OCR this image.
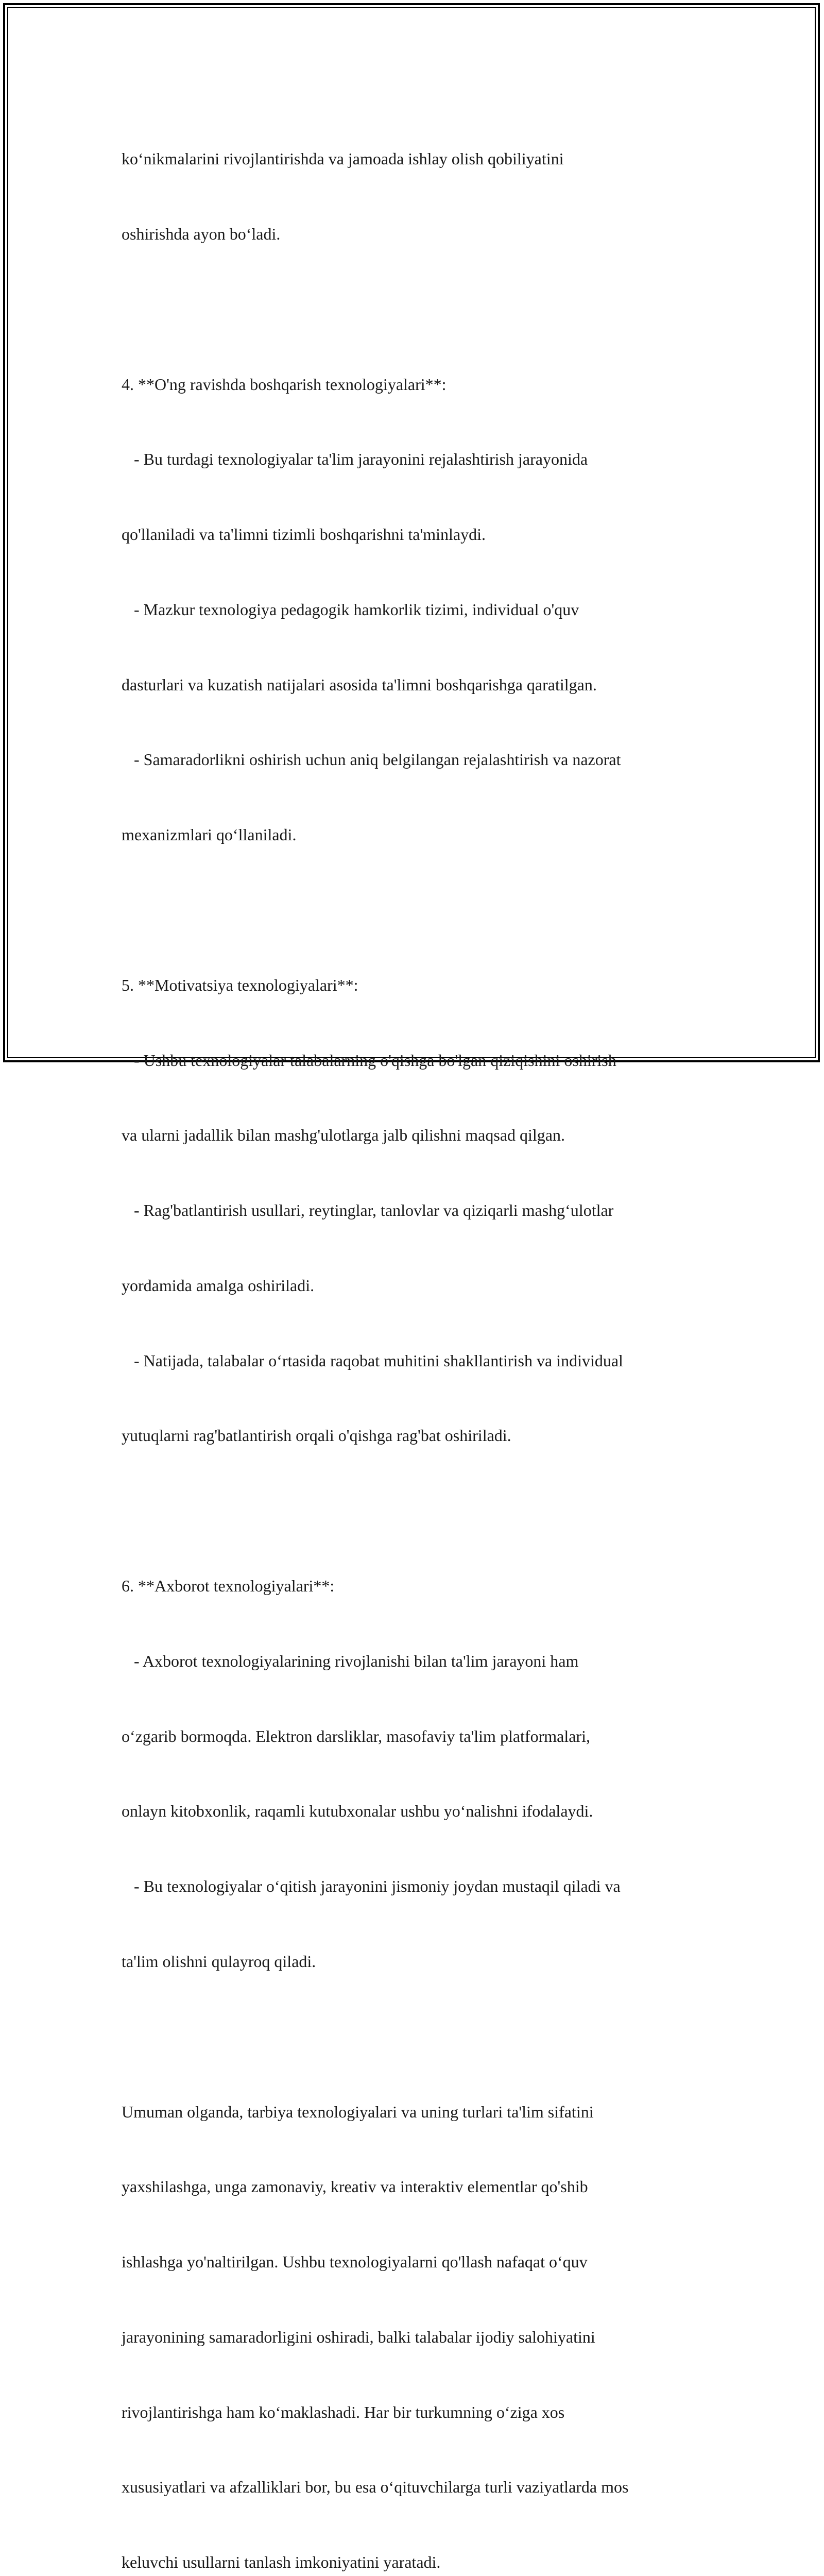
ko‘nikmalarini rivojlantirishda va jamoada ishlay olish qobiliyatini

oshirishda ayon bo‘ladi.

4. **O'ng ravishda boshqarish texnologiyalari**:

- Bu turdagi texnologiyalar ta'lim jarayonini rejalashtirish jarayonida

qo'llaniladi va ta'limni tizimli boshqarishni ta'minlaydi.

- Mazkur texnologiya pedagogik hamkorlik tizimi, individual o'quv

dasturlari va kuzatish natijalari asosida ta'limni boshqarishga qaratilgan.

- Samaradorlikni oshirish uchun aniq belgilangan rejalashtirish va nazorat

mexanizmlari qo‘llaniladi.

5. **Motivatsiya texnologiyalari**:

- Ushbu texnologiyalar talabalarning o'qishga bo'lgan qiziqishini oshirish

va ularni jadallik bilan mashg'ulotlarga jalb qilishni maqsad qilgan.

- Rag'batlantirish usullari, reytinglar, tanlovlar va qiziqarli mashg‘ulotlar

yordamida amalga oshiriladi.

- Natijada, talabalar o‘rtasida raqobat muhitini shakllantirish va individual

yutuqlarni rag'batlantirish orqali o'qishga rag'bat oshiriladi.

6. **Axborot texnologiyalari**:

- Axborot texnologiyalarining rivojlanishi bilan ta'lim jarayoni ham

o‘zgarib bormoqda. Elektron darsliklar, masofaviy ta'lim platformalari,

onlayn kitobxonlik, raqamli kutubxonalar ushbu yo‘nalishni ifodalaydi.

- Bu texnologiyalar o‘qitish jarayonini jismoniy joydan mustaqil qiladi va

ta'lim olishni qulayroq qiladi.

Umuman olganda, tarbiya texnologiyalari va uning turlari ta'lim sifatini

yaxshilashga, unga zamonaviy, kreativ va interaktiv elementlar qo'shib

ishlashga yo'naltirilgan. Ushbu texnologiyalarni qo'llash nafaqat o‘quv

jarayonining samaradorligini oshiradi, balki talabalar ijodiy salohiyatini

rivojlantirishga ham ko‘maklashadi. Har bir turkumning o‘ziga xos

xususiyatlari va afzalliklari bor, bu esa o‘qituvchilarga turli vaziyatlarda mos

keluvchi usullarni tanlash imkoniyatini yaratadi.
